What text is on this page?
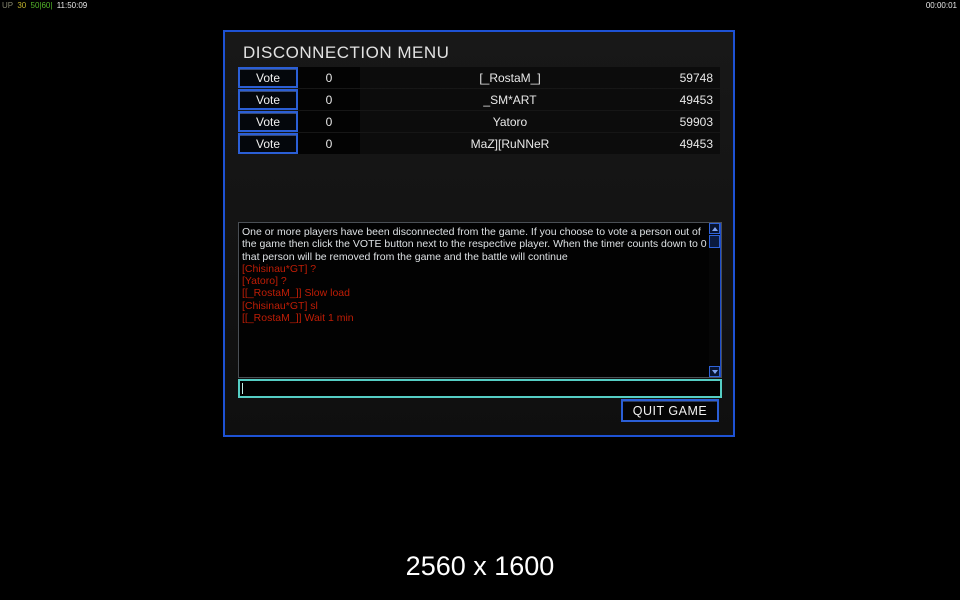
UP 30 50|60| 11:50:09	00:00:01
DISCONNECTION MENU
Vote	0	[_RostaM_]	59748
Vote	0	_SM*ART	49453
Vote	0	Yatoro	59903
Vote	0	MaZ][RuNNeR	49453
One or more players have been disconnected from the game. If you choose to vote a person out of the game then click the VOTE button next to the respective player. When the timer counts down to 0 that person will be removed from the game and the battle will continue
[Chisinau*GT] ?
[Yatoro] ?
[[_RostaM_]] Slow load
[Chisinau*GT] sl
[[_RostaM_]] Wait 1 min
QUIT GAME
2560 x 1600
